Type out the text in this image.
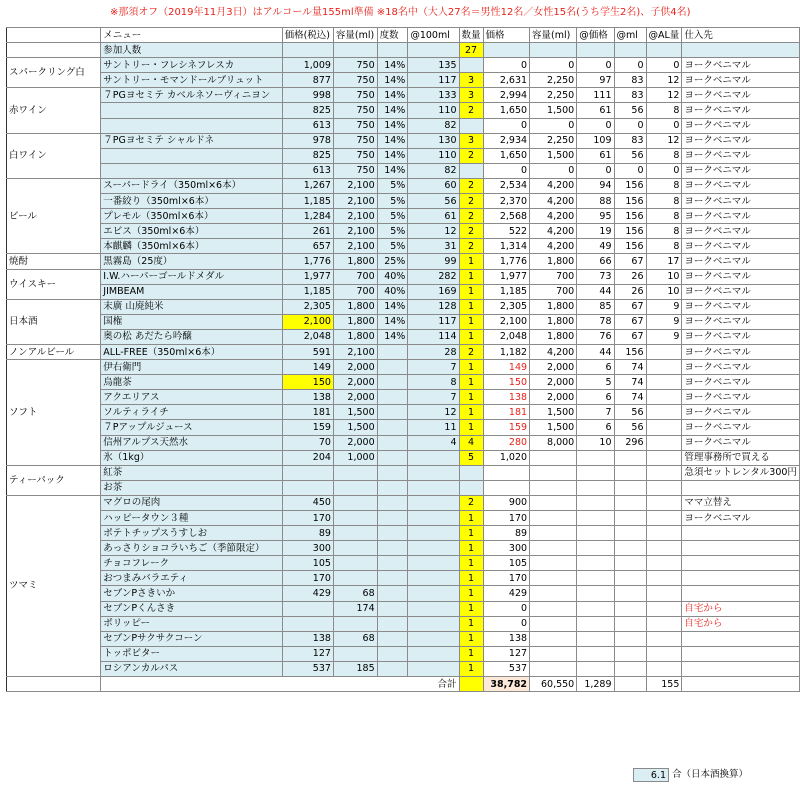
※那須オフ（2019年11月3日）はアルコール量155ml準備 ※18名中（大人27名＝男性12名／女性15名(うち学生2名)、子供4名)
	メニュー	価格(税込)	容量(ml)	度数	@100ml	数量	価格	容量(ml)	@価格	@ml	@AL量	仕入先
	参加人数					27						
スパークリング白	サントリー・フレシネフレスカ	1,009	750	14%	135		0	0	0	0	0	ヨークベニマル
	サントリー・モマンドールブリュット	877	750	14%	117	3	2,631	2,250	97	83	12	ヨークベニマル
赤ワイン	７PGヨセミテ カベルネソーヴィニヨン	998	750	14%	133	3	2,994	2,250	111	83	12	ヨークベニマル
		825	750	14%	110	2	1,650	1,500	61	56	8	ヨークベニマル
		613	750	14%	82		0	0	0	0	0	ヨークベニマル
白ワイン	７PGヨセミテ シャルドネ	978	750	14%	130	3	2,934	2,250	109	83	12	ヨークベニマル
		825	750	14%	110	2	1,650	1,500	61	56	8	ヨークベニマル
		613	750	14%	82		0	0	0	0	0	ヨークベニマル
ビール	スーパードライ（350ml×6本）	1,267	2,100	5%	60	2	2,534	4,200	94	156	8	ヨークベニマル
	一番絞り（350ml×6本）	1,185	2,100	5%	56	2	2,370	4,200	88	156	8	ヨークベニマル
	プレモル（350ml×6本）	1,284	2,100	5%	61	2	2,568	4,200	95	156	8	ヨークベニマル
	エビス（350ml×6本）	261	2,100	5%	12	2	522	4,200	19	156	8	ヨークベニマル
	本麒麟（350ml×6本）	657	2,100	5%	31	2	1,314	4,200	49	156	8	ヨークベニマル
焼酎	黒霧島（25度）	1,776	1,800	25%	99	1	1,776	1,800	66	67	17	ヨークベニマル
ウイスキー	I.W.ハーパーゴールドメダル	1,977	700	40%	282	1	1,977	700	73	26	10	ヨークベニマル
	JIMBEAM	1,185	700	40%	169	1	1,185	700	44	26	10	ヨークベニマル
日本酒	末廣 山廃純米	2,305	1,800	14%	128	1	2,305	1,800	85	67	9	ヨークベニマル
	国権	2,100	1,800	14%	117	1	2,100	1,800	78	67	9	ヨークベニマル
	奥の松 あだたら吟醸	2,048	1,800	14%	114	1	2,048	1,800	76	67	9	ヨークベニマル
ノンアルビール	ALL-FREE（350ml×6本）	591	2,100		28	2	1,182	4,200	44	156		ヨークベニマル
ソフト	伊右衛門	149	2,000		7	1	149	2,000	6	74		ヨークベニマル
	烏龍茶	150	2,000		8	1	150	2,000	5	74		ヨークベニマル
	アクエリアス	138	2,000		7	1	138	2,000	6	74		ヨークベニマル
	ソルティライチ	181	1,500		12	1	181	1,500	7	56		ヨークベニマル
	７Pアップルジュース	159	1,500		11	1	159	1,500	6	56		ヨークベニマル
	信州アルプス天然水	70	2,000		4	4	280	8,000	10	296		ヨークベニマル
	氷（1kg）	204	1,000			5	1,020					管理事務所で買える
ティーパック	紅茶											急須セットレンタル300円
	お茶											
ツマミ	マグロの尾肉	450				2	900					ママ立替え
	ハッピータウン３種	170				1	170					ヨークベニマル
	ポテトチップスうすしお	89				1	89					
	あっさりショコラいちご（季節限定）	300				1	300					
	チョコフレーク	105				1	105					
	おつまみバラエティ	170				1	170					
	セブンPさきいか	429	68			1	429					
	セブンPくんさき		174			1	0					自宅から
	ボリッピー					1	0					自宅から
	セブンPサクサクコーン	138	68			1	138					
	トッポビター	127				1	127					
	ロシアンカルパス	537	185			1	537					
	合計						38,782	60,550	1,289		155	
6.1 合（日本酒換算）
